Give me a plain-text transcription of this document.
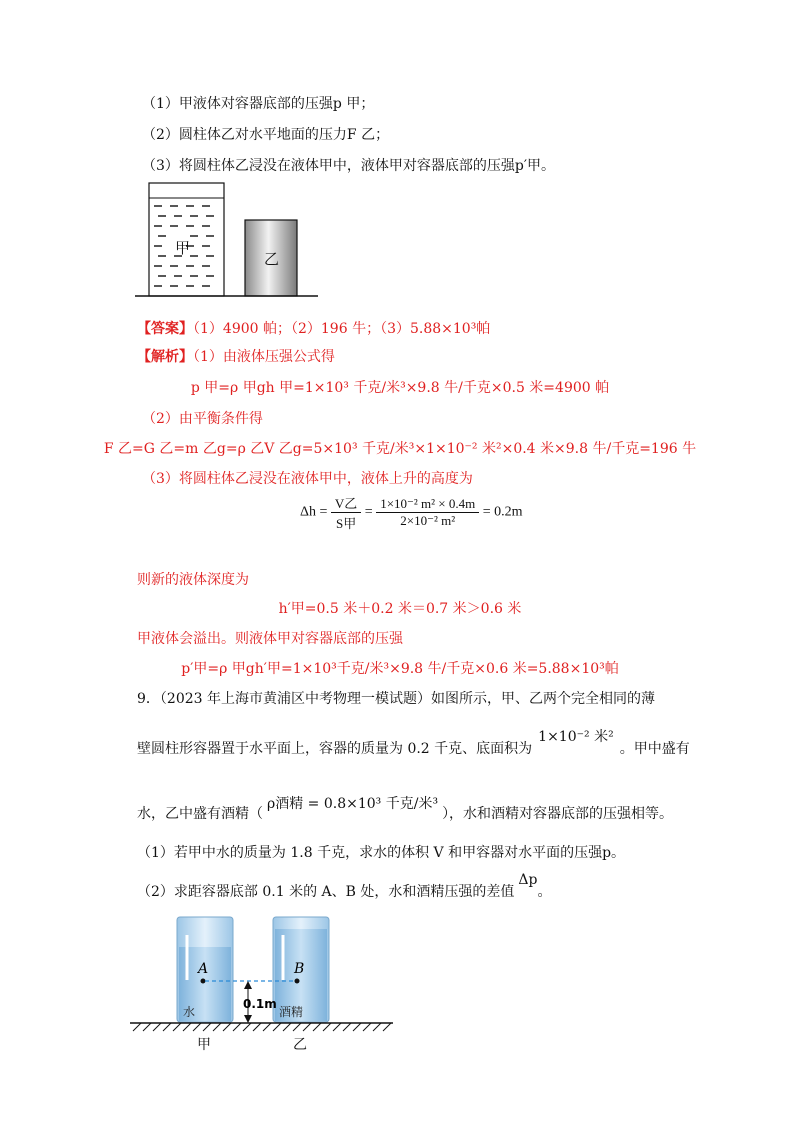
（1）甲液体对容器底部的压强p 甲；
（2）圆柱体乙对水平地面的压力F 乙；
（3）将圆柱体乙浸没在液体甲中，液体甲对容器底部的压强p′甲。
甲
乙
【答案】（1）4900 帕；（2）196 牛；（3）5.88×10³帕
【解析】（1）由液体压强公式得
p 甲=ρ 甲gh 甲=1×10³ 千克/米³×9.8 牛/千克×0.5 米=4900 帕
（2）由平衡条件得
F 乙=G 乙=m 乙g=ρ 乙V 乙g=5×10³ 千克/米³×1×10⁻² 米²×0.4 米×9.8 牛/千克=196 牛
（3）将圆柱体乙浸没在液体甲中，液体上升的高度为
$\Delta h = \frac{\text{V乙}}{\text{S甲}} = \frac{\text{1×10⁻² m² × 0.4m}}{\text{2×10⁻² m²}} = 0.2m$
则新的液体深度为
h′甲=0.5 米＋0.2 米＝0.7 米＞0.6 米
甲液体会溢出。则液体甲对容器底部的压强
p′甲=ρ 甲gh′甲=1×10³千克/米³×9.8 牛/千克×0.6 米=5.88×10³帕
9．（2023 年上海市黄浦区中考物理一模试题）如图所示，甲、乙两个完全相同的薄
壁圆柱形容器置于水平面上，容器的质量为 0.2 千克、底面积为1×10⁻² 米²。甲中盛有
水，乙中盛有酒精（ρ酒精 = 0.8×10³ 千克/米³），水和酒精对容器底部的压强相等。
（1）若甲中水的质量为 1.8 千克，求水的体积 V 和甲容器对水平面的压强p。
（2）求距容器底部 0.1 米的 A、B 处，水和酒精压强的差值Δp。
A	B
0.1m
水	酒精
甲	乙
